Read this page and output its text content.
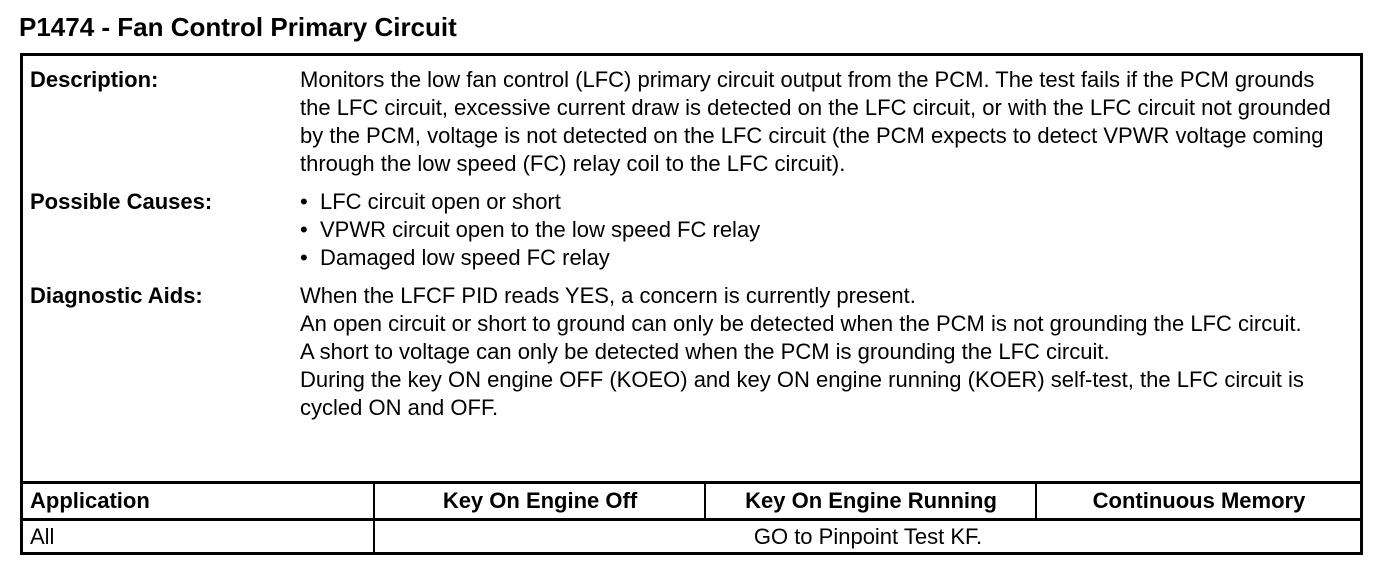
P1474 - Fan Control Primary Circuit
Description:	Monitors the low fan control (LFC) primary circuit output from the PCM. The test fails if the PCM grounds the LFC circuit, excessive current draw is detected on the LFC circuit, or with the LFC circuit not grounded by the PCM, voltage is not detected on the LFC circuit (the PCM expects to detect VPWR voltage coming through the low speed (FC) relay coil to the LFC circuit).

Possible Causes:
•	LFC circuit open or short
• VPWR circuit open to the low speed FC relay
• Damaged low speed FC relay
Diagnostic Aids:	When the LFCF PID reads YES, a concern is currently present.

An open circuit or short to ground can only be detected when the PCM is not grounding the LFC circuit.

A short to voltage can only be detected when the PCM is grounding the LFC circuit.

During the key ON engine OFF (KOEO) and key ON engine running (KOER) self-test, the LFC circuit is cycled ON and OFF.

Application	Key On Engine Off	Key On Engine Running	Continuous Memory
All	GO to Pinpoint Test KF.
